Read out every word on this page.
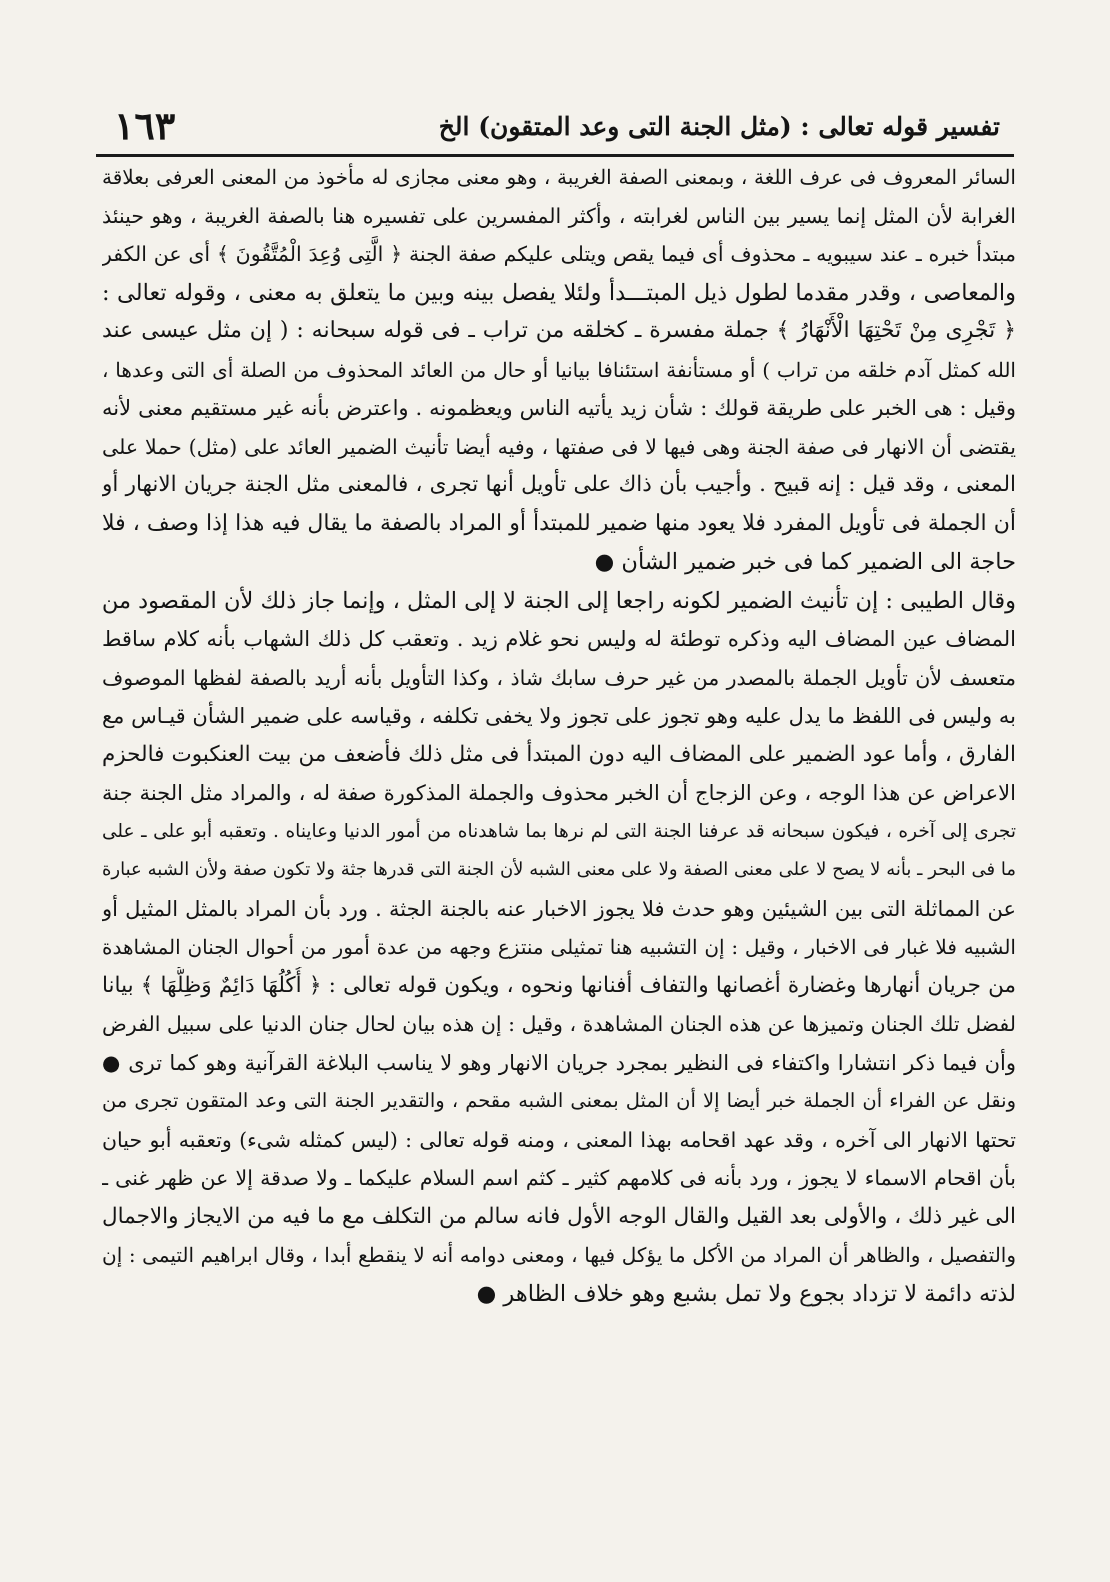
١٦٣	تفسير قوله تعالى : (مثل الجنة التى وعد المتقون) الخ
السائر المعروف فى عرف اللغة ، وبمعنى الصفة الغريبة ، وهو معنى مجازى له مأخوذ من المعنى العرفى بعلاقة
الغرابة لأن المثل إنما يسير بين الناس لغرابته ، وأكثر المفسرين على تفسيره هنا بالصفة الغريبة ، وهو حينئذ
مبتدأ خبره ـ عند سيبويه ـ محذوف أى فيما يقص ويتلى عليكم صفة الجنة ﴿ الَّتِى وُعِدَ الْمُتَّقُونَ ﴾ أى عن الكفر
والمعاصى ، وقدر مقدما لطول ذيل المبتـــدأ ولئلا يفصل بينه وبين ما يتعلق به معنى ، وقوله تعالى :
﴿ تَجْرِى مِنْ تَحْتِهَا الْأَنْهَارُ ﴾ جملة مفسرة ـ كخلقه من تراب ـ فى قوله سبحانه : ( إن مثل عيسى عند
الله كمثل آدم خلقه من تراب ) أو مستأنفة استئنافا بيانيا أو حال من العائد المحذوف من الصلة أى التى وعدها ،
وقيل : هى الخبر على طريقة قولك : شأن زيد يأتيه الناس ويعظمونه . واعترض بأنه غير مستقيم معنى لأنه
يقتضى أن الانهار فى صفة الجنة وهى فيها لا فى صفتها ، وفيه أيضا تأنيث الضمير العائد على (مثل) حملا على
المعنى ، وقد قيل : إنه قبيح . وأجيب بأن ذاك على تأويل أنها تجرى ، فالمعنى مثل الجنة جريان الانهار أو
أن الجملة فى تأويل المفرد فلا يعود منها ضمير للمبتدأ أو المراد بالصفة ما يقال فيه هذا إذا وصف ، فلا
حاجة الى الضمير كما فى خبر ضمير الشأن ●
وقال الطيبى : إن تأنيث الضمير لكونه راجعا إلى الجنة لا إلى المثل ، وإنما جاز ذلك لأن المقصود من
المضاف عين المضاف اليه وذكره توطئة له وليس نحو غلام زيد . وتعقب كل ذلك الشهاب بأنه كلام ساقط
متعسف لأن تأويل الجملة بالمصدر من غير حرف سابك شاذ ، وكذا التأويل بأنه أريد بالصفة لفظها الموصوف
به وليس فى اللفظ ما يدل عليه وهو تجوز على تجوز ولا يخفى تكلفه ، وقياسه على ضمير الشأن قيـاس مع
الفارق ، وأما عود الضمير على المضاف اليه دون المبتدأ فى مثل ذلك فأضعف من بيت العنكبوت فالحزم
الاعراض عن هذا الوجه ، وعن الزجاج أن الخبر محذوف والجملة المذكورة صفة له ، والمراد مثل الجنة جنة
تجرى إلى آخره ، فيكون سبحانه قد عرفنا الجنة التى لم نرها بما شاهدناه من أمور الدنيا وعايناه . وتعقبه أبو على ـ على
ما فى البحر ـ بأنه لا يصح لا على معنى الصفة ولا على معنى الشبه لأن الجنة التى قدرها جثة ولا تكون صفة ولأن الشبه عبارة
عن المماثلة التى بين الشيئين وهو حدث فلا يجوز الاخبار عنه بالجنة الجثة . ورد بأن المراد بالمثل المثيل أو
الشبيه فلا غبار فى الاخبار ، وقيل : إن التشبيه هنا تمثيلى منتزع وجهه من عدة أمور من أحوال الجنان المشاهدة
من جريان أنهارها وغضارة أغصانها والتفاف أفنانها ونحوه ، ويكون قوله تعالى : ﴿ أُكُلُهَا دَائِمٌ وَظِلُّهَا ﴾ بيانا
لفضل تلك الجنان وتميزها عن هذه الجنان المشاهدة ، وقيل : إن هذه بيان لحال جنان الدنيا على سبيل الفرض
وأن فيما ذكر انتشارا واكتفاء فى النظير بمجرد جريان الانهار وهو لا يناسب البلاغة القرآنية وهو كما ترى ●
ونقل عن الفراء أن الجملة خبر أيضا إلا أن المثل بمعنى الشبه مقحم ، والتقدير الجنة التى وعد المتقون تجرى من
تحتها الانهار الى آخره ، وقد عهد اقحامه بهذا المعنى ، ومنه قوله تعالى : (ليس كمثله شىء) وتعقبه أبو حيان
بأن اقحام الاسماء لا يجوز ، ورد بأنه فى كلامهم كثير ـ كثم اسم السلام عليكما ـ ولا صدقة إلا عن ظهر غنى ـ
الى غير ذلك ، والأولى بعد القيل والقال الوجه الأول فانه سالم من التكلف مع ما فيه من الايجاز والاجمال
والتفصيل ، والظاهر أن المراد من الأكل ما يؤكل فيها ، ومعنى دوامه أنه لا ينقطع أبدا ، وقال ابراهيم التيمى : إن
لذته دائمة لا تزداد بجوع ولا تمل بشبع وهو خلاف الظاهر ●
